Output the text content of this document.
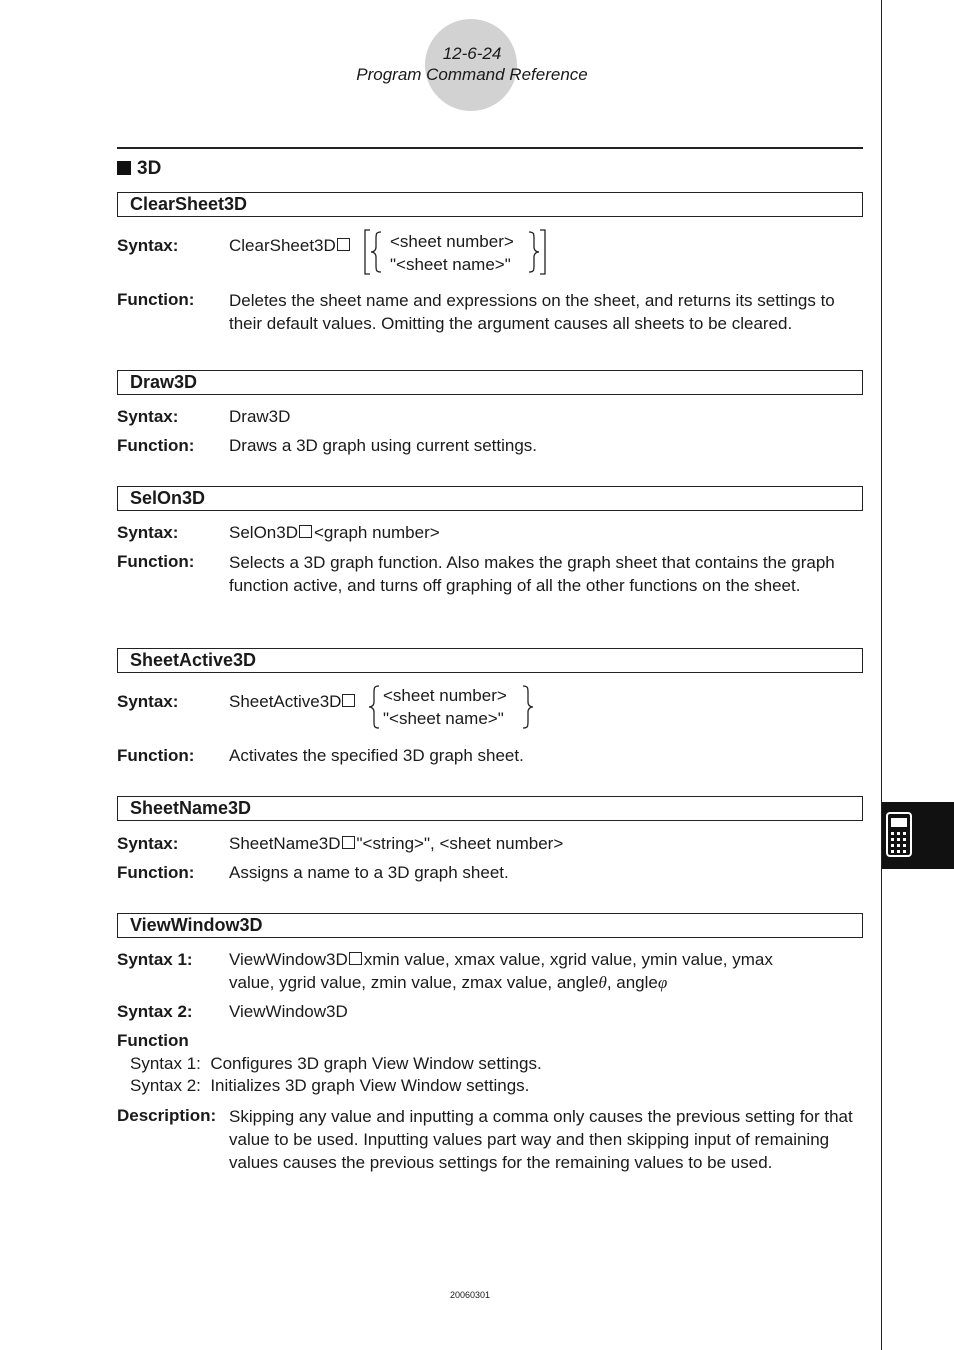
12-6-24
Program Command Reference
3D
ClearSheet3D
Syntax:	ClearSheet3D	<sheet number>
"<sheet name>"
Function: Deletes the sheet name and expressions on the sheet, and returns its settings to their default values. Omitting the argument causes all sheets to be cleared.
Draw3D
Syntax:	Draw3D
Function: Draws a 3D graph using current settings.
SelOn3D
Syntax:	SelOn3D <graph number>
Function: Selects a 3D graph function. Also makes the graph sheet that contains the graph function active, and turns off graphing of all the other functions on the sheet.
SheetActive3D
Syntax:	SheetActive3D	<sheet number>
"<sheet name>"
Function: Activates the specified 3D graph sheet.
SheetName3D
Syntax:	SheetName3D "<string>", <sheet number>
Function: Assigns a name to a 3D graph sheet.
ViewWindow3D
Syntax 1: ViewWindow3D xmin value, xmax value, xgrid value, ymin value, ymax
value, ygrid value, zmin value, zmax value, angleθ, angleφ
Syntax 2: ViewWindow3D
Function
Syntax 1: Configures 3D graph View Window settings.
Syntax 2: Initializes 3D graph View Window settings.
Description: Skipping any value and inputting a comma only causes the previous setting for that value to be used. Inputting values part way and then skipping input of remaining values causes the previous settings for the remaining values to be used.
20060301
